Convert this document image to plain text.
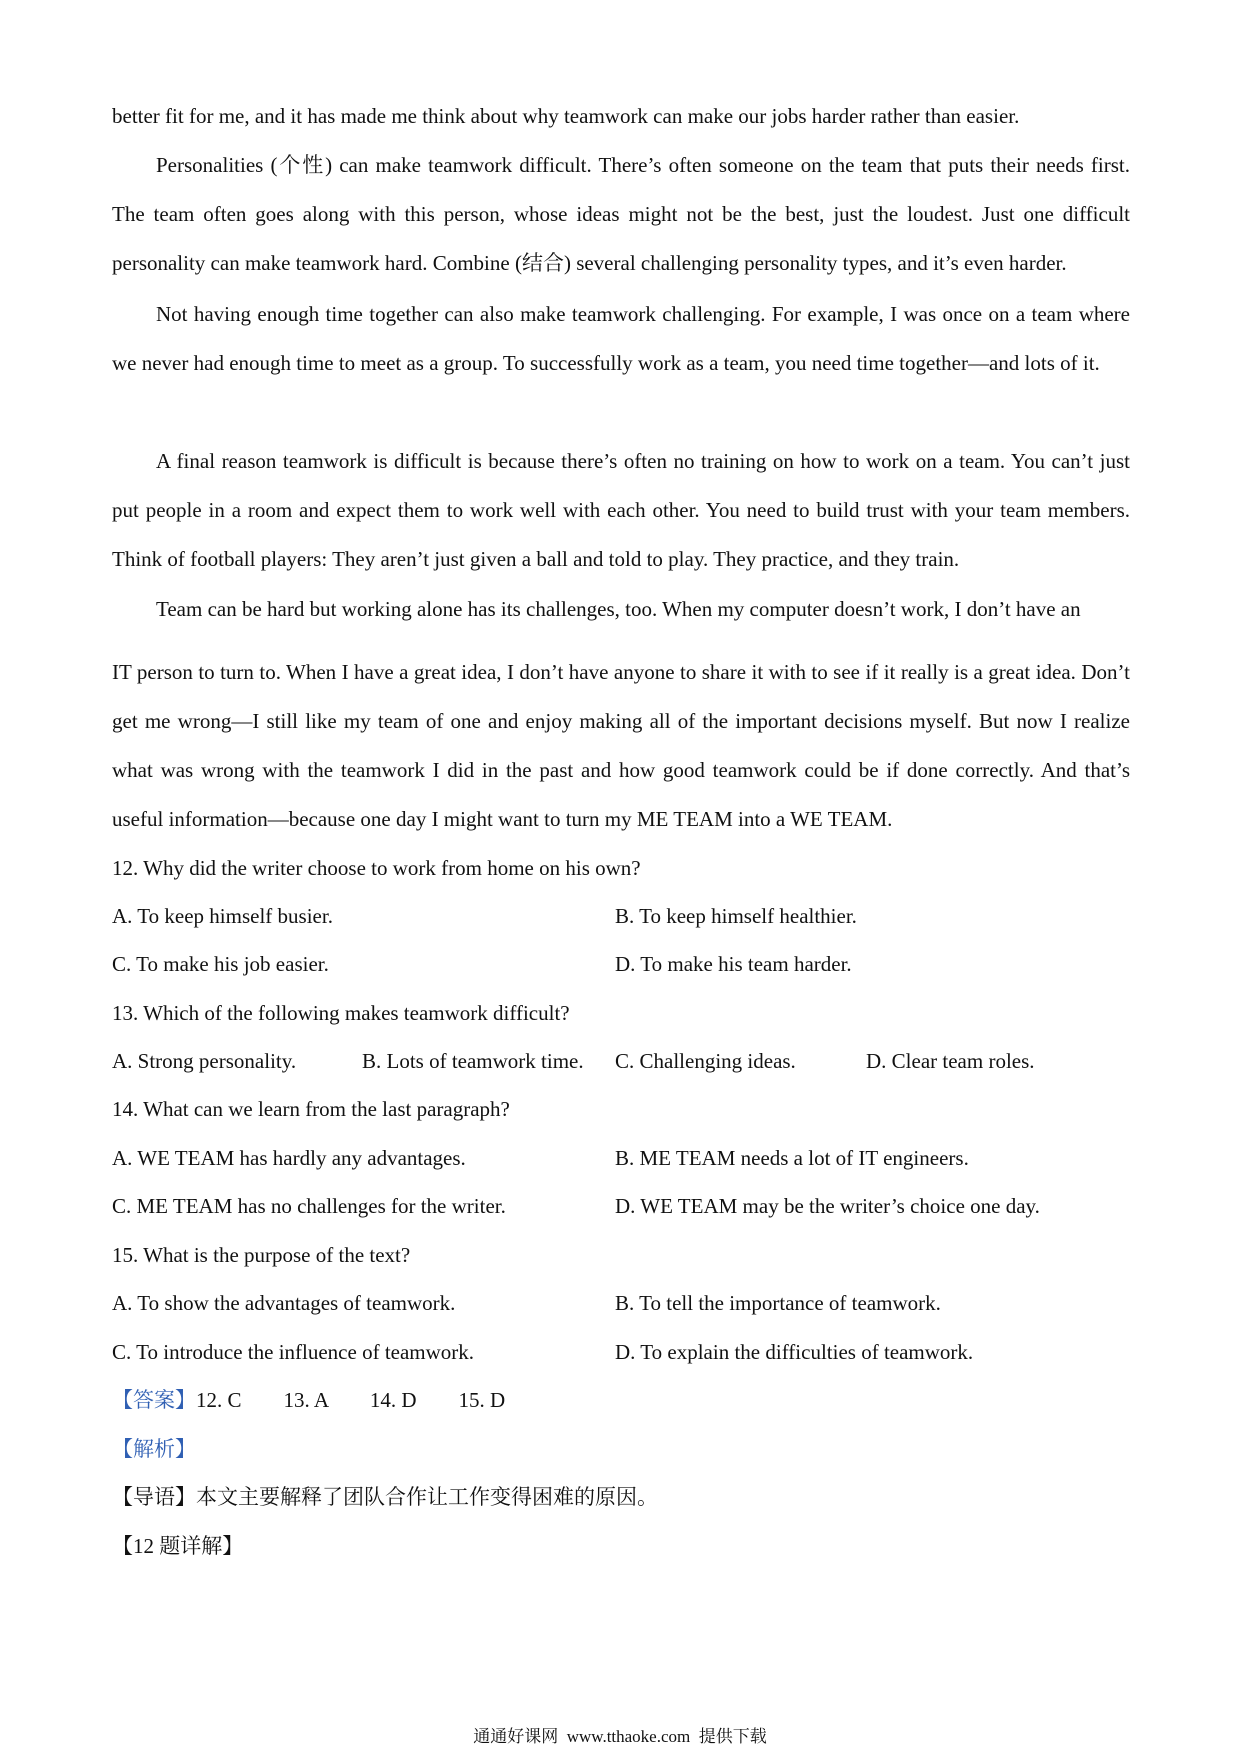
better fit for me, and it has made me think about why teamwork can make our jobs harder rather than easier.

Personalities (个性) can make teamwork difficult. There’s often someone on the team that puts their needs first. The team often goes along with this person, whose ideas might not be the best, just the loudest. Just one difficult personality can make teamwork hard. Combine (结合) several challenging personality types, and it’s even harder.

Not having enough time together can also make teamwork challenging. For example, I was once on a team where we never had enough time to meet as a group. To successfully work as a team, you need time together—and lots of it.

A final reason teamwork is difficult is because there’s often no training on how to work on a team. You can’t just put people in a room and expect them to work well with each other. You need to build trust with your team members. Think of football players: They aren’t just given a ball and told to play. They practice, and they train.

Team can be hard but working alone has its challenges, too. When my computer doesn’t work, I don’t have an

IT person to turn to. When I have a great idea, I don’t have anyone to share it with to see if it really is a great idea. Don’t get me wrong—I still like my team of one and enjoy making all of the important decisions myself. But now I realize what was wrong with the teamwork I did in the past and how good teamwork could be if done correctly. And that’s useful information—because one day I might want to turn my ME TEAM into a WE TEAM.

12. Why did the writer choose to work from home on his own?
A. To keep himself busier.	B. To keep himself healthier.
C. To make his job easier.	D. To make his team harder.
13. Which of the following makes teamwork difficult?
A. Strong personality.	B. Lots of teamwork time. C. Challenging ideas.	D. Clear team roles.
14. What can we learn from the last paragraph?
A. WE TEAM has hardly any advantages.	B. ME TEAM needs a lot of IT engineers.
C. ME TEAM has no challenges for the writer.	D. WE TEAM may be the writer’s choice one day.
15. What is the purpose of the text?
A. To show the advantages of teamwork.	B. To tell the importance of teamwork.
C. To introduce the influence of teamwork.	D. To explain the difficulties of teamwork.
【答案】12. C        13. A        14. D        15. D
【解析】
【导语】本文主要解释了团队合作让工作变得困难的原因。
【12 题详解】
通通好课网  www.tthaoke.com  提供下载
